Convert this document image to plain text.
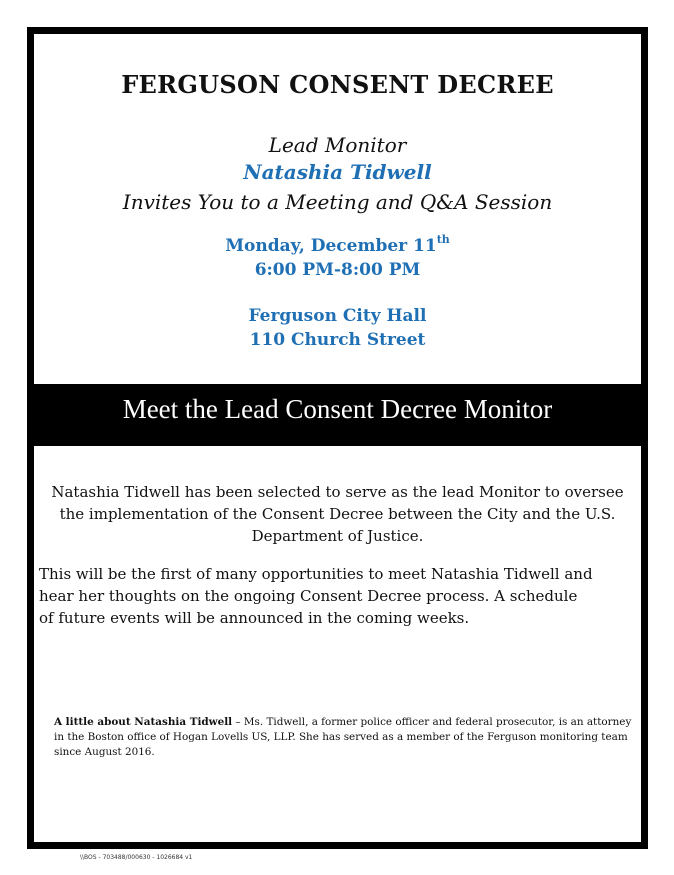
FERGUSON CONSENT DECREE
Lead Monitor
Natashia Tidwell
Invites You to a Meeting and Q&A Session
Monday, December 11th
6:00 PM-8:00 PM
Ferguson City Hall
110 Church Street
Meet the Lead Consent Decree Monitor
Natashia Tidwell has been selected to serve as the lead Monitor to oversee the implementation of the Consent Decree between the City and the U.S. Department of Justice.
This will be the first of many opportunities to meet Natashia Tidwell and hear her thoughts on the ongoing Consent Decree process. A schedule of future events will be announced in the coming weeks.
A little about Natashia Tidwell – Ms. Tidwell, a former police officer and federal prosecutor, is an attorney in the Boston office of Hogan Lovells US, LLP. She has served as a member of the Ferguson monitoring team since August 2016.
\\BOS - 703488/000630 - 1026684 v1
